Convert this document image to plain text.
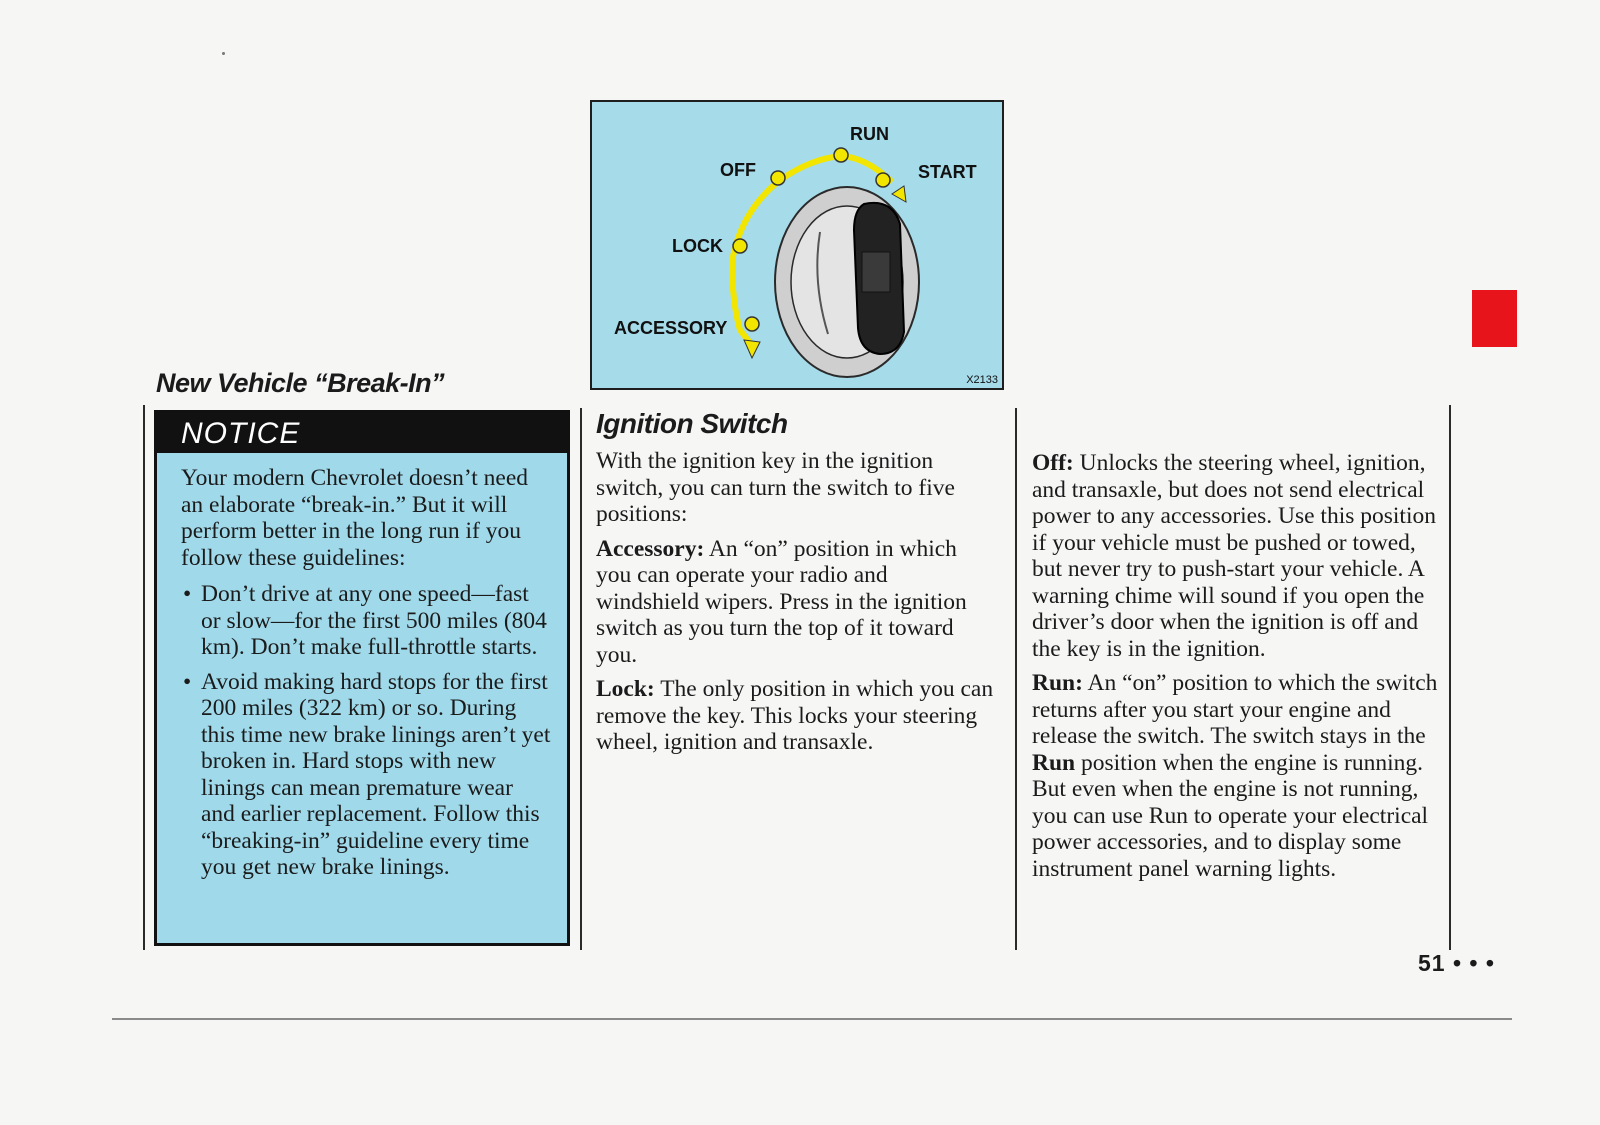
New Vehicle “Break-In”
NOTICE
Your modern Chevrolet doesn’t need an elaborate “break-in.” But it will perform better in the long run if you follow these guidelines:
• Don’t drive at any one speed—fast or slow—for the first 500 miles (804 km). Don’t make full-throttle starts.
• Avoid making hard stops for the first 200 miles (322 km) or so. During this time new brake linings aren’t yet broken in. Hard stops with new linings can mean premature wear and earlier replacement. Follow this “breaking-in” guideline every time you get new brake linings.
RUN
OFF	START
LOCK
ACCESSORY
X2133
Ignition Switch

With the ignition key in the ignition switch, you can turn the switch to five positions:

Accessory: An “on” position in which you can operate your radio and windshield wipers. Press in the ignition switch as you turn the top of it toward you.

Lock: The only position in which you can remove the key. This locks your steering wheel, ignition and transaxle.

Off: Unlocks the steering wheel, ignition, and transaxle, but does not send electrical power to any accessories. Use this position if your vehicle must be pushed or towed, but never try to push-start your vehicle. A warning chime will sound if you open the driver’s door when the ignition is off and the key is in the ignition.

Run: An “on” position to which the switch returns after you start your engine and release the switch. The switch stays in the Run position when the engine is running. But even when the engine is not running, you can use Run to operate your electrical power accessories, and to display some instrument panel warning lights.

51 • • •
